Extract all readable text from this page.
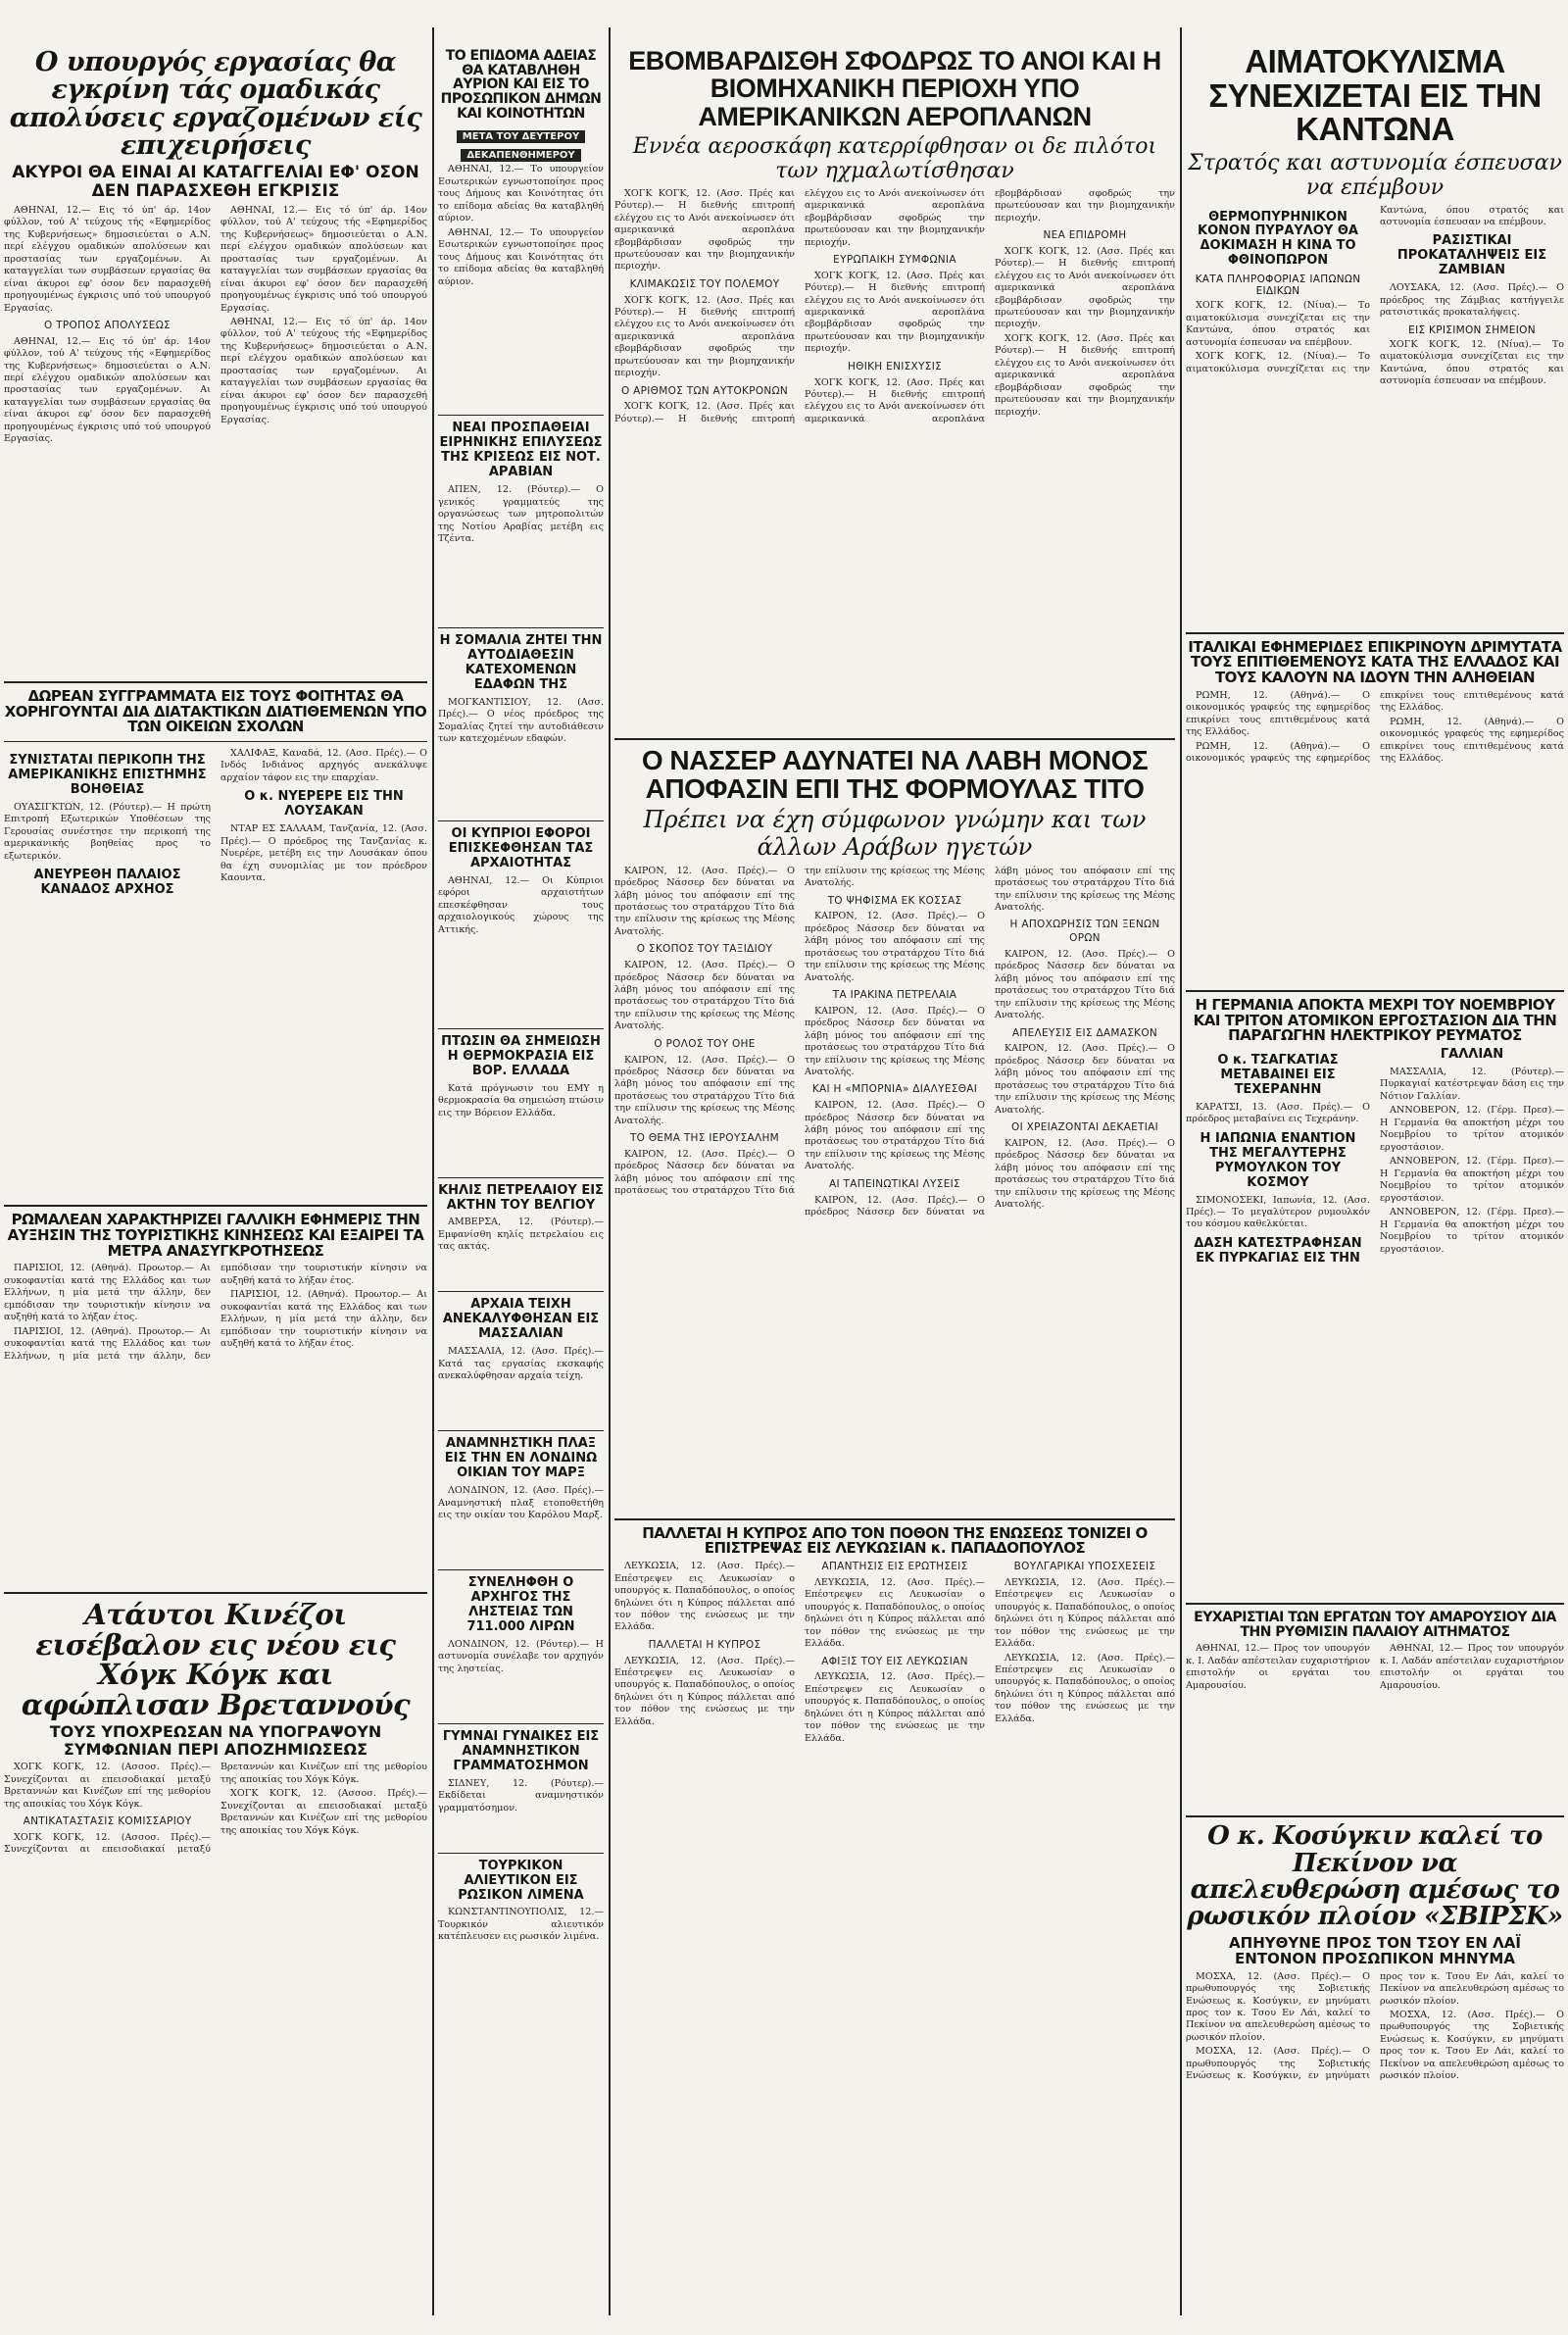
Ο υπουργός εργασίας θα εγκρίνη τάς ομαδικάς απολύσεις εργαζομένων είς επιχειρήσεις
ΑΚΥΡΟΙ ΘΑ ΕΙΝΑΙ ΑΙ ΚΑΤΑΓΓΕΛΙΑΙ ΕΦ' ΟΣΟΝ ΔΕΝ ΠΑΡΑΣΧΕΘΗ ΕΓΚΡΙΣΙΣ

ΑΘΗΝΑΙ, 12.— Εις τό ύπ' άρ. 14ον φύλλον, τού Α' τεύχους τής «Εφημερίδος της Κυβερνήσεως» δημοσιεύεται ο Α.Ν. περί ελέγχου ομαδικών απολύσεων και προστασίας των εργαζομένων. Αι καταγγελίαι των συμβάσεων εργασίας θα είναι άκυροι εφ' όσον δεν παρασχεθή προηγουμένως έγκρισις υπό τού υπουργού Εργασίας.

Ο ΤΡΟΠΟΣ ΑΠΟΛΥΣΕΩΣ

ΑΘΗΝΑΙ, 12.— Εις τό ύπ' άρ. 14ον φύλλον, τού Α' τεύχους τής «Εφημερίδος της Κυβερνήσεως» δημοσιεύεται ο Α.Ν. περί ελέγχου ομαδικών απολύσεων και προστασίας των εργαζομένων. Αι καταγγελίαι των συμβάσεων εργασίας θα είναι άκυροι εφ' όσον δεν παρασχεθή προηγουμένως έγκρισις υπό τού υπουργού Εργασίας.

ΑΘΗΝΑΙ, 12.— Εις τό ύπ' άρ. 14ον φύλλον, τού Α' τεύχους τής «Εφημερίδος της Κυβερνήσεως» δημοσιεύεται ο Α.Ν. περί ελέγχου ομαδικών απολύσεων και προστασίας των εργαζομένων. Αι καταγγελίαι των συμβάσεων εργασίας θα είναι άκυροι εφ' όσον δεν παρασχεθή προηγουμένως έγκρισις υπό τού υπουργού Εργασίας.

ΑΘΗΝΑΙ, 12.— Εις τό ύπ' άρ. 14ον φύλλον, τού Α' τεύχους τής «Εφημερίδος της Κυβερνήσεως» δημοσιεύεται ο Α.Ν. περί ελέγχου ομαδικών απολύσεων και προστασίας των εργαζομένων. Αι καταγγελίαι των συμβάσεων εργασίας θα είναι άκυροι εφ' όσον δεν παρασχεθή προηγουμένως έγκρισις υπό τού υπουργού Εργασίας.

ΔΩΡΕΑΝ ΣΥΓΓΡΑΜΜΑΤΑ ΕΙΣ ΤΟΥΣ ΦΟΙΤΗΤΑΣ ΘΑ ΧΟΡΗΓΟΥΝΤΑΙ ΔΙΑ ΔΙΑΤΑΚΤΙΚΩΝ ΔΙΑΤΙΘΕΜΕΝΩΝ ΥΠΟ ΤΩΝ ΟΙΚΕΙΩΝ ΣΧΟΛΩΝ
ΣΥΝΙΣΤΑΤΑΙ ΠΕΡΙΚΟΠΗ ΤΗΣ ΑΜΕΡΙΚΑΝΙΚΗΣ ΕΠΙΣΤΗΜΗΣ ΒΟΗΘΕΙΑΣ

ΟΥΑΣΙΓΚΤΩΝ, 12. (Ρόυτερ).— Η πρώτη Επιτροπή Εξωτερικών Υποθέσεων της Γερουσίας συνέστησε την περικοπή της αμερικανικής βοηθείας προς το εξωτερικόν.

ΑΝΕΥΡΕΘΗ ΠΑΛΑΙΟΣ ΚΑΝΑΔΟΣ ΑΡΧΗΟΣ

ΧΑΛΙΦΑΞ, Καναδά, 12. (Ασσ. Πρές).— Ο Ινδός Ινδιάνος αρχηγός ανεκάλυψε αρχαίον τάφον εις την επαρχίαν.

Ο κ. ΝΥΕΡΕΡΕ ΕΙΣ ΤΗΝ ΛΟΥΣΑΚΑΝ

ΝΤΑΡ ΕΣ ΣΑΛΑΑΜ, Τανζανία, 12. (Ασσ. Πρές).— Ο πρόεδρος της Τανζανίας κ. Νυερέρε, μετέβη εις την Λουσάκαν όπου θα έχη συνομιλίας με τον πρόεδρον Καουντα.

ΡΩΜΑΛΕΑΝ ΧΑΡΑΚΤΗΡΙΖΕΙ ΓΑΛΛΙΚΗ ΕΦΗΜΕΡΙΣ ΤΗΝ ΑΥΞΗΣΙΝ ΤΗΣ ΤΟΥΡΙΣΤΙΚΗΣ ΚΙΝΗΣΕΩΣ ΚΑΙ ΕΞΑΙΡΕΙ ΤΑ ΜΕΤΡΑ ΑΝΑΣΥΓΚΡΟΤΗΣΕΩΣ

ΠΑΡΙΣΙΟΙ, 12. (Αθηνά). Προωτορ.— Αι συκοφαντίαι κατά της Ελλάδος και των Ελλήνων, η μία μετά την άλλην, δεν εμπόδισαν την τουριστικήν κίνησιν να αυξηθή κατά το λήξαν έτος.

ΠΑΡΙΣΙΟΙ, 12. (Αθηνά). Προωτορ.— Αι συκοφαντίαι κατά της Ελλάδος και των Ελλήνων, η μία μετά την άλλην, δεν εμπόδισαν την τουριστικήν κίνησιν να αυξηθή κατά το λήξαν έτος.

ΠΑΡΙΣΙΟΙ, 12. (Αθηνά). Προωτορ.— Αι συκοφαντίαι κατά της Ελλάδος και των Ελλήνων, η μία μετά την άλλην, δεν εμπόδισαν την τουριστικήν κίνησιν να αυξηθή κατά το λήξαν έτος.

Ατάυτοι Κινέζοι εισέβαλον εις νέου εις Χόγκ Κόγκ και αφώπλισαν Βρεταννούς
ΤΟΥΣ ΥΠΟΧΡΕΩΣΑΝ ΝΑ ΥΠΟΓΡΑΨΟΥΝ ΣΥΜΦΩΝΙΑΝ ΠΕΡΙ ΑΠΟΖΗΜΙΩΣΕΩΣ

ΧΟΓΚ ΚΟΓΚ, 12. (Ασσοσ. Πρές).— Συνεχίζονται αι επεισοδιακαί μεταξύ Βρεταννών και Κινέζων επί της μεθορίου της αποικίας του Χόγκ Κόγκ.

ΑΝΤΙΚΑΤΑΣΤΑΣΙΣ ΚΟΜΙΣΣΑΡΙΟΥ

ΧΟΓΚ ΚΟΓΚ, 12. (Ασσοσ. Πρές).— Συνεχίζονται αι επεισοδιακαί μεταξύ Βρεταννών και Κινέζων επί της μεθορίου της αποικίας του Χόγκ Κόγκ.

ΧΟΓΚ ΚΟΓΚ, 12. (Ασσοσ. Πρές).— Συνεχίζονται αι επεισοδιακαί μεταξύ Βρεταννών και Κινέζων επί της μεθορίου της αποικίας του Χόγκ Κόγκ.

ΤΟ ΕΠΙΔΟΜΑ ΑΔΕΙΑΣ ΘΑ ΚΑΤΑΒΛΗΘΗ ΑΥΡΙΟΝ ΚΑΙ ΕΙΣ ΤΟ ΠΡΟΣΩΠΙΚΟΝ ΔΗΜΩΝ ΚΑΙ ΚΟΙΝΟΤΗΤΩΝ
ΜΕΤΑ ΤΟΥ ΔΕΥΤΕΡΟΥ
ΔΕΚΑΠΕΝΘΗΜΕΡΟΥ

ΑΘΗΝΑΙ, 12.— Το υπουργείον Εσωτερικών εγνωστοποίησε προς τους Δήμους και Κοινότητας ότι το επίδομα αδείας θα καταβληθή αύριον.

ΑΘΗΝΑΙ, 12.— Το υπουργείον Εσωτερικών εγνωστοποίησε προς τους Δήμους και Κοινότητας ότι το επίδομα αδείας θα καταβληθή αύριον.

ΝΕΑΙ ΠΡΟΣΠΑΘΕΙΑΙ ΕΙΡΗΝΙΚΗΣ ΕΠΙΛΥΣΕΩΣ ΤΗΣ ΚΡΙΣΕΩΣ ΕΙΣ ΝΟΤ. ΑΡΑΒΙΑΝ

ΑΠΕΝ, 12. (Ρόυτερ).— Ο γενικός γραμματεύς της οργανώσεως των μητροπολιτών της Νοτίου Αραβίας μετέβη εις Τζέντα.

Η ΣΟΜΑΛΙΑ ΖΗΤΕΙ ΤΗΝ ΑΥΤΟΔΙΑΘΕΣΙΝ ΚΑΤΕΧΟΜΕΝΩΝ ΕΔΑΦΩΝ ΤΗΣ

ΜΟΓΚΑΝΤΙΣΙΟΥ, 12. (Ασσ. Πρές).— Ο νέος πρόεδρος της Σομαλίας ζητεί την αυτοδιάθεσιν των κατεχομένων εδαφών.

ΟΙ ΚΥΠΡΙΟΙ ΕΦΟΡΟΙ ΕΠΙΣΚΕΦΘΗΣΑΝ ΤΑΣ ΑΡΧΑΙΟΤΗΤΑΣ

ΑΘΗΝΑΙ, 12.— Οι Κύπριοι εφόροι αρχαιοτήτων επεσκέφθησαν τους αρχαιολογικούς χώρους της Αττικής.

ΠΤΩΣΙΝ ΘΑ ΣΗΜΕΙΩΣΗ Η ΘΕΡΜΟΚΡΑΣΙΑ ΕΙΣ ΒΟΡ. ΕΛΛΑΔΑ

Κατά πρόγνωσιν του ΕΜΥ η θερμοκρασία θα σημειώση πτώσιν εις την Βόρειον Ελλάδα.

ΚΗΛΙΣ ΠΕΤΡΕΛΑΙΟΥ ΕΙΣ ΑΚΤΗΝ ΤΟΥ ΒΕΛΓΙΟΥ

ΑΜΒΕΡΣΑ, 12. (Ρόυτερ).— Εμφανίσθη κηλίς πετρελαίου εις τας ακτάς.

ΑΡΧΑΙΑ ΤΕΙΧΗ ΑΝΕΚΑΛΥΦΘΗΣΑΝ ΕΙΣ ΜΑΣΣΑΛΙΑΝ

ΜΑΣΣΑΛΙΑ, 12. (Ασσ. Πρές).— Κατά τας εργασίας εκσκαφής ανεκαλύφθησαν αρχαία τείχη.

ΑΝΑΜΝΗΣΤΙΚΗ ΠΛΑΞ ΕΙΣ ΤΗΝ ΕΝ ΛΟΝΔΙΝΩ ΟΙΚΙΑΝ ΤΟΥ ΜΑΡΞ

ΛΟΝΔΙΝΟΝ, 12. (Ασσ. Πρές).— Αναμνηστική πλαξ ετοποθετήθη εις την οικίαν του Καρόλου Μαρξ.

ΣΥΝΕΛΗΦΘΗ Ο ΑΡΧΗΓΟΣ ΤΗΣ ΛΗΣΤΕΙΑΣ ΤΩΝ 711.000 ΛΙΡΩΝ

ΛΟΝΔΙΝΟΝ, 12. (Ρόυτερ).— Η αστυνομία συνέλαβε τον αρχηγόν της ληστείας.

ΓΥΜΝΑΙ ΓΥΝΑΙΚΕΣ ΕΙΣ ΑΝΑΜΝΗΣΤΙΚΟΝ ΓΡΑΜΜΑΤΟΣΗΜΟΝ

ΣΙΔΝΕΥ, 12. (Ρόυτερ).— Εκδίδεται αναμνηστικόν γραμματόσημον.

ΤΟΥΡΚΙΚΟΝ ΑΛΙΕΥΤΙΚΟΝ ΕΙΣ ΡΩΣΙΚΟΝ ΛΙΜΕΝΑ

ΚΩΝΣΤΑΝΤΙΝΟΥΠΟΛΙΣ, 12.— Τουρκικόν αλιευτικόν κατέπλευσεν εις ρωσικόν λιμένα.

ΕΒΟΜΒΑΡΔΙΣΘΗ ΣΦΟΔΡΩΣ ΤΟ ΑΝΟΙ ΚΑΙ Η ΒΙΟΜΗΧΑΝΙΚΗ ΠΕΡΙΟΧΗ ΥΠΟ ΑΜΕΡΙΚΑΝΙΚΩΝ ΑΕΡΟΠΛΑΝΩΝ
Εννέα αεροσκάφη κατερρίφθησαν οι δε πιλότοι των ηχμαλωτίσθησαν

ΧΟΓΚ ΚΟΓΚ, 12. (Ασσ. Πρές και Ρόυτερ).— Η διεθνής επιτροπή ελέγχου εις το Ανόι ανεκοίνωσεν ότι αμερικανικά αεροπλάνα εβομβάρδισαν σφοδρώς την πρωτεύουσαν και την βιομηχανικήν περιοχήν.

ΚΛΙΜΑΚΩΣΙΣ ΤΟΥ ΠΟΛΕΜΟΥ

ΧΟΓΚ ΚΟΓΚ, 12. (Ασσ. Πρές και Ρόυτερ).— Η διεθνής επιτροπή ελέγχου εις το Ανόι ανεκοίνωσεν ότι αμερικανικά αεροπλάνα εβομβάρδισαν σφοδρώς την πρωτεύουσαν και την βιομηχανικήν περιοχήν.

Ο ΑΡΙΘΜΟΣ ΤΩΝ ΑΥΤΟΚΡΟΝΩΝ

ΧΟΓΚ ΚΟΓΚ, 12. (Ασσ. Πρές και Ρόυτερ).— Η διεθνής επιτροπή ελέγχου εις το Ανόι ανεκοίνωσεν ότι αμερικανικά αεροπλάνα εβομβάρδισαν σφοδρώς την πρωτεύουσαν και την βιομηχανικήν περιοχήν.

ΕΥΡΩΠΑΙΚΗ ΣΥΜΦΩΝΙΑ

ΧΟΓΚ ΚΟΓΚ, 12. (Ασσ. Πρές και Ρόυτερ).— Η διεθνής επιτροπή ελέγχου εις το Ανόι ανεκοίνωσεν ότι αμερικανικά αεροπλάνα εβομβάρδισαν σφοδρώς την πρωτεύουσαν και την βιομηχανικήν περιοχήν.

ΗΘΙΚΗ ΕΝΙΣΧΥΣΙΣ

ΧΟΓΚ ΚΟΓΚ, 12. (Ασσ. Πρές και Ρόυτερ).— Η διεθνής επιτροπή ελέγχου εις το Ανόι ανεκοίνωσεν ότι αμερικανικά αεροπλάνα εβομβάρδισαν σφοδρώς την πρωτεύουσαν και την βιομηχανικήν περιοχήν.

ΝΕΑ ΕΠΙΔΡΟΜΗ

ΧΟΓΚ ΚΟΓΚ, 12. (Ασσ. Πρές και Ρόυτερ).— Η διεθνής επιτροπή ελέγχου εις το Ανόι ανεκοίνωσεν ότι αμερικανικά αεροπλάνα εβομβάρδισαν σφοδρώς την πρωτεύουσαν και την βιομηχανικήν περιοχήν.

ΧΟΓΚ ΚΟΓΚ, 12. (Ασσ. Πρές και Ρόυτερ).— Η διεθνής επιτροπή ελέγχου εις το Ανόι ανεκοίνωσεν ότι αμερικανικά αεροπλάνα εβομβάρδισαν σφοδρώς την πρωτεύουσαν και την βιομηχανικήν περιοχήν.

Ο ΝΑΣΣΕΡ ΑΔΥΝΑΤΕΙ ΝΑ ΛΑΒΗ ΜΟΝΟΣ ΑΠΟΦΑΣΙΝ ΕΠΙ ΤΗΣ ΦΟΡΜΟΥΛΑΣ ΤΙΤΟ
Πρέπει να έχη σύμφωνον γνώμην και των άλλων Αράβων ηγετών

ΚΑΙΡΟΝ, 12. (Ασσ. Πρές).— Ο πρόεδρος Νάσσερ δεν δύναται να λάβη μόνος του απόφασιν επί της προτάσεως του στρατάρχου Τίτο διά την επίλυσιν της κρίσεως της Μέσης Ανατολής.

Ο ΣΚΟΠΟΣ ΤΟΥ ΤΑΞΙΔΙΟΥ

ΚΑΙΡΟΝ, 12. (Ασσ. Πρές).— Ο πρόεδρος Νάσσερ δεν δύναται να λάβη μόνος του απόφασιν επί της προτάσεως του στρατάρχου Τίτο διά την επίλυσιν της κρίσεως της Μέσης Ανατολής.

Ο ΡΟΛΟΣ ΤΟΥ ΟΗΕ

ΚΑΙΡΟΝ, 12. (Ασσ. Πρές).— Ο πρόεδρος Νάσσερ δεν δύναται να λάβη μόνος του απόφασιν επί της προτάσεως του στρατάρχου Τίτο διά την επίλυσιν της κρίσεως της Μέσης Ανατολής.

ΤΟ ΘΕΜΑ ΤΗΣ ΙΕΡΟΥΣΑΛΗΜ

ΚΑΙΡΟΝ, 12. (Ασσ. Πρές).— Ο πρόεδρος Νάσσερ δεν δύναται να λάβη μόνος του απόφασιν επί της προτάσεως του στρατάρχου Τίτο διά την επίλυσιν της κρίσεως της Μέσης Ανατολής.

ΤΟ ΨΗΦΙΣΜΑ ΕΚ ΚΟΣΣΑΣ

ΚΑΙΡΟΝ, 12. (Ασσ. Πρές).— Ο πρόεδρος Νάσσερ δεν δύναται να λάβη μόνος του απόφασιν επί της προτάσεως του στρατάρχου Τίτο διά την επίλυσιν της κρίσεως της Μέσης Ανατολής.

ΤΑ ΙΡΑΚΙΝΑ ΠΕΤΡΕΛΑΙΑ

ΚΑΙΡΟΝ, 12. (Ασσ. Πρές).— Ο πρόεδρος Νάσσερ δεν δύναται να λάβη μόνος του απόφασιν επί της προτάσεως του στρατάρχου Τίτο διά την επίλυσιν της κρίσεως της Μέσης Ανατολής.

ΚΑΙ Η «ΜΠΟΡΝΙΑ» ΔΙΑΛΥΕΣΘΑΙ

ΚΑΙΡΟΝ, 12. (Ασσ. Πρές).— Ο πρόεδρος Νάσσερ δεν δύναται να λάβη μόνος του απόφασιν επί της προτάσεως του στρατάρχου Τίτο διά την επίλυσιν της κρίσεως της Μέσης Ανατολής.

ΑΙ ΤΑΠΕΙΝΩΤΙΚΑΙ ΛΥΣΕΙΣ

ΚΑΙΡΟΝ, 12. (Ασσ. Πρές).— Ο πρόεδρος Νάσσερ δεν δύναται να λάβη μόνος του απόφασιν επί της προτάσεως του στρατάρχου Τίτο διά την επίλυσιν της κρίσεως της Μέσης Ανατολής.

Η ΑΠΟΧΩΡΗΣΙΣ ΤΩΝ ΞΕΝΩΝ ΟΡΩΝ

ΚΑΙΡΟΝ, 12. (Ασσ. Πρές).— Ο πρόεδρος Νάσσερ δεν δύναται να λάβη μόνος του απόφασιν επί της προτάσεως του στρατάρχου Τίτο διά την επίλυσιν της κρίσεως της Μέσης Ανατολής.

ΑΠΕΛΕΥΣΙΣ ΕΙΣ ΔΑΜΑΣΚΟΝ

ΚΑΙΡΟΝ, 12. (Ασσ. Πρές).— Ο πρόεδρος Νάσσερ δεν δύναται να λάβη μόνος του απόφασιν επί της προτάσεως του στρατάρχου Τίτο διά την επίλυσιν της κρίσεως της Μέσης Ανατολής.

ΟΙ ΧΡΕΙΑΖΟΝΤΑΙ ΔΕΚΑΕΤΙΑΙ

ΚΑΙΡΟΝ, 12. (Ασσ. Πρές).— Ο πρόεδρος Νάσσερ δεν δύναται να λάβη μόνος του απόφασιν επί της προτάσεως του στρατάρχου Τίτο διά την επίλυσιν της κρίσεως της Μέσης Ανατολής.

ΠΑΛΛΕΤΑΙ Η ΚΥΠΡΟΣ ΑΠΟ ΤΟΝ ΠΟΘΟΝ ΤΗΣ ΕΝΩΣΕΩΣ ΤΟΝΙΖΕΙ Ο ΕΠΙΣΤΡΕΨΑΣ ΕΙΣ ΛΕΥΚΩΣΙΑΝ κ. ΠΑΠΑΔΟΠΟΥΛΟΣ

ΛΕΥΚΩΣΙΑ, 12. (Ασσ. Πρές).— Επέστρεψεν εις Λευκωσίαν ο υπουργός κ. Παπαδόπουλος, ο οποίος δηλώνει ότι η Κύπρος πάλλεται από τον πόθον της ενώσεως με την Ελλάδα.

ΠΑΛΛΕΤΑΙ Η ΚΥΠΡΟΣ

ΛΕΥΚΩΣΙΑ, 12. (Ασσ. Πρές).— Επέστρεψεν εις Λευκωσίαν ο υπουργός κ. Παπαδόπουλος, ο οποίος δηλώνει ότι η Κύπρος πάλλεται από τον πόθον της ενώσεως με την Ελλάδα.

ΑΠΑΝΤΗΣΙΣ ΕΙΣ ΕΡΩΤΗΣΕΙΣ

ΛΕΥΚΩΣΙΑ, 12. (Ασσ. Πρές).— Επέστρεψεν εις Λευκωσίαν ο υπουργός κ. Παπαδόπουλος, ο οποίος δηλώνει ότι η Κύπρος πάλλεται από τον πόθον της ενώσεως με την Ελλάδα.

ΑΦΙΞΙΣ ΤΟΥ ΕΙΣ ΛΕΥΚΩΣΙΑΝ

ΛΕΥΚΩΣΙΑ, 12. (Ασσ. Πρές).— Επέστρεψεν εις Λευκωσίαν ο υπουργός κ. Παπαδόπουλος, ο οποίος δηλώνει ότι η Κύπρος πάλλεται από τον πόθον της ενώσεως με την Ελλάδα.

ΒΟΥΛΓΑΡΙΚΑΙ ΥΠΟΣΧΕΣΕΙΣ

ΛΕΥΚΩΣΙΑ, 12. (Ασσ. Πρές).— Επέστρεψεν εις Λευκωσίαν ο υπουργός κ. Παπαδόπουλος, ο οποίος δηλώνει ότι η Κύπρος πάλλεται από τον πόθον της ενώσεως με την Ελλάδα.

ΛΕΥΚΩΣΙΑ, 12. (Ασσ. Πρές).— Επέστρεψεν εις Λευκωσίαν ο υπουργός κ. Παπαδόπουλος, ο οποίος δηλώνει ότι η Κύπρος πάλλεται από τον πόθον της ενώσεως με την Ελλάδα.

ΑΙΜΑΤΟΚΥΛΙΣΜΑ ΣΥΝΕΧΙΖΕΤΑΙ ΕΙΣ ΤΗΝ ΚΑΝΤΩΝΑ
Στρατός και αστυνομία έσπευσαν να επέμβουν
ΘΕΡΜΟΠΥΡΗΝΙΚΟΝ ΚΟΝΟΝ ΠΥΡΑΥΛΟΥ ΘΑ ΔΟΚΙΜΑΣΗ Η ΚΙΝΑ ΤΟ ΦΘΙΝΟΠΩΡΟΝ
ΚΑΤΑ ΠΛΗΡΟΦΟΡΙΑΣ ΙΑΠΩΝΩΝ ΕΙΔΙΚΩΝ

ΧΟΓΚ ΚΟΓΚ, 12. (Νίυα).— Το αιματοκύλισμα συνεχίζεται εις την Καντώνα, όπου στρατός και αστυνομία έσπευσαν να επέμβουν.

ΧΟΓΚ ΚΟΓΚ, 12. (Νίυα).— Το αιματοκύλισμα συνεχίζεται εις την Καντώνα, όπου στρατός και αστυνομία έσπευσαν να επέμβουν.

ΡΑΣΙΣΤΙΚΑΙ ΠΡΟΚΑΤΑΛΗΨΕΙΣ ΕΙΣ ΖΑΜΒΙΑΝ

ΛΟΥΣΑΚΑ, 12. (Ασσ. Πρές).— Ο πρόεδρος της Ζάμβιας κατήγγειλε ρατσιστικάς προκαταλήψεις.

ΕΙΣ ΚΡΙΣΙΜΟΝ ΣΗΜΕΙΟΝ

ΧΟΓΚ ΚΟΓΚ, 12. (Νίυα).— Το αιματοκύλισμα συνεχίζεται εις την Καντώνα, όπου στρατός και αστυνομία έσπευσαν να επέμβουν.

ΙΤΑΛΙΚΑΙ ΕΦΗΜΕΡΙΔΕΣ ΕΠΙΚΡΙΝΟΥΝ ΔΡΙΜΥΤΑΤΑ ΤΟΥΣ ΕΠΙΤΙΘΕΜΕΝΟΥΣ ΚΑΤΑ ΤΗΣ ΕΛΛΑΔΟΣ ΚΑΙ ΤΟΥΣ ΚΑΛΟΥΝ ΝΑ ΙΔΟΥΝ ΤΗΝ ΑΛΗΘΕΙΑΝ

ΡΩΜΗ, 12. (Αθηνά).— Ο οικονομικός γραφεύς της εφημερίδος επικρίνει τους επιτιθεμένους κατά της Ελλάδος.

ΡΩΜΗ, 12. (Αθηνά).— Ο οικονομικός γραφεύς της εφημερίδος επικρίνει τους επιτιθεμένους κατά της Ελλάδος.

ΡΩΜΗ, 12. (Αθηνά).— Ο οικονομικός γραφεύς της εφημερίδος επικρίνει τους επιτιθεμένους κατά της Ελλάδος.

Η ΓΕΡΜΑΝΙΑ ΑΠΟΚΤΑ ΜΕΧΡΙ ΤΟΥ ΝΟΕΜΒΡΙΟΥ ΚΑΙ ΤΡΙΤΟΝ ΑΤΟΜΙΚΟΝ ΕΡΓΟΣΤΑΣΙΟΝ ΔΙΑ ΤΗΝ ΠΑΡΑΓΩΓΗΝ ΗΛΕΚΤΡΙΚΟΥ ΡΕΥΜΑΤΟΣ
Ο κ. ΤΣΑΓΚΑΤΙΑΣ ΜΕΤΑΒΑΙΝΕΙ ΕΙΣ ΤΕΧΕΡΑΝΗΝ

ΚΑΡΑΤΣΙ, 13. (Ασσ. Πρές).— Ο πρόεδρος μεταβαίνει εις Τεχεράνην.

Η ΙΑΠΩΝΙΑ ΕΝΑΝΤΙΟΝ ΤΗΣ ΜΕΓΑΛΥΤΕΡΗΣ ΡΥΜΟΥΛΚΟΝ ΤΟΥ ΚΟΣΜΟΥ

ΣΙΜΟΝΟΣΕΚΙ, Ιαπωνία, 12. (Ασσ. Πρές).— Το μεγαλύτερον ρυμουλκόν του κόσμου καθελκύεται.

ΔΑΣΗ ΚΑΤΕΣΤΡΑΦΗΣΑΝ ΕΚ ΠΥΡΚΑΓΙΑΣ ΕΙΣ ΤΗΝ ΓΑΛΛΙΑΝ

ΜΑΣΣΑΛΙΑ, 12. (Ρόυτερ).— Πυρκαγιαί κατέστρεψαν δάση εις την Νότιον Γαλλίαν.

ΑΝΝΟΒΕΡΟΝ, 12. (Γέρμ. Πρεσ).— Η Γερμανία θα αποκτήση μέχρι του Νοεμβρίου το τρίτον ατομικόν εργοστάσιον.

ΑΝΝΟΒΕΡΟΝ, 12. (Γέρμ. Πρεσ).— Η Γερμανία θα αποκτήση μέχρι του Νοεμβρίου το τρίτον ατομικόν εργοστάσιον.

ΑΝΝΟΒΕΡΟΝ, 12. (Γέρμ. Πρεσ).— Η Γερμανία θα αποκτήση μέχρι του Νοεμβρίου το τρίτον ατομικόν εργοστάσιον.

ΕΥΧΑΡΙΣΤΙΑΙ ΤΩΝ ΕΡΓΑΤΩΝ ΤΟΥ ΑΜΑΡΟΥΣΙΟΥ ΔΙΑ ΤΗΝ ΡΥΘΜΙΣΙΝ ΠΑΛΑΙΟΥ ΑΙΤΗΜΑΤΟΣ

ΑΘΗΝΑΙ, 12.— Προς τον υπουργόν κ. Ι. Λαδάν απέστειλαν ευχαριστήριον επιστολήν οι εργάται του Αμαρουσίου.

ΑΘΗΝΑΙ, 12.— Προς τον υπουργόν κ. Ι. Λαδάν απέστειλαν ευχαριστήριον επιστολήν οι εργάται του Αμαρουσίου.

Ο κ. Κοσύγκιν καλεί το Πεκίνον να απελευθερώση αμέσως το ρωσικόν πλοίον «ΣΒΙΡΣΚ»
ΑΠΗΥΘΥΝΕ ΠΡΟΣ ΤΟΝ ΤΣΟΥ ΕΝ ΛΑΪ ΕΝΤΟΝΟΝ ΠΡΟΣΩΠΙΚΟΝ ΜΗΝΥΜΑ

ΜΟΣΧΑ, 12. (Ασσ. Πρές).— Ο πρωθυπουργός της Σοβιετικής Ενώσεως κ. Κοσύγκιν, εν μηνύματι προς τον κ. Τσου Εν Λάι, καλεί το Πεκίνον να απελευθερώση αμέσως το ρωσικόν πλοίον.

ΜΟΣΧΑ, 12. (Ασσ. Πρές).— Ο πρωθυπουργός της Σοβιετικής Ενώσεως κ. Κοσύγκιν, εν μηνύματι προς τον κ. Τσου Εν Λάι, καλεί το Πεκίνον να απελευθερώση αμέσως το ρωσικόν πλοίον.

ΜΟΣΧΑ, 12. (Ασσ. Πρές).— Ο πρωθυπουργός της Σοβιετικής Ενώσεως κ. Κοσύγκιν, εν μηνύματι προς τον κ. Τσου Εν Λάι, καλεί το Πεκίνον να απελευθερώση αμέσως το ρωσικόν πλοίον.
